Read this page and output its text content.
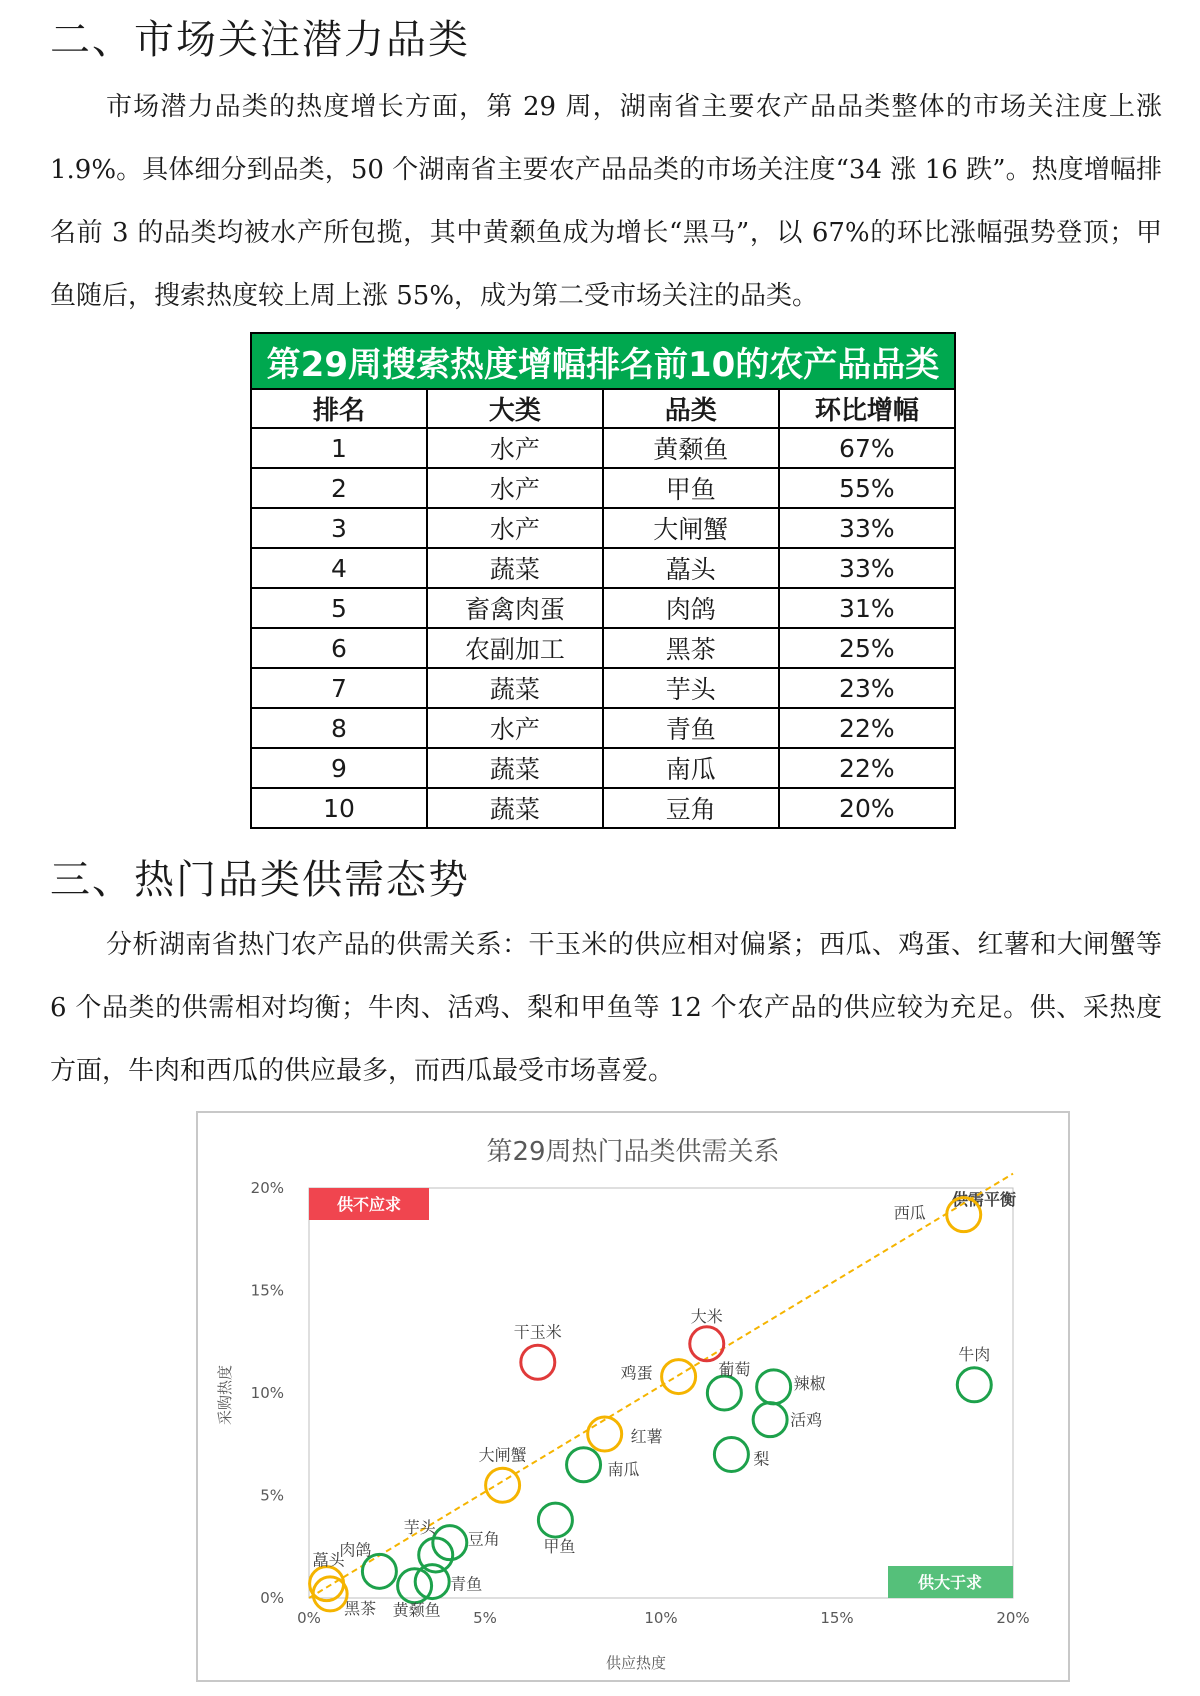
二、市场关注潜力品类

市场潜力品类的热度增长方面，第 29 周，湖南省主要农产品品类整体的市场关注度上涨 1.9%。具体细分到品类，50 个湖南省主要农产品品类的市场关注度“34 涨 16 跌”。热度增幅排名前 3 的品类均被水产所包揽，其中黄颡鱼成为增长“黑马”，以 67%的环比涨幅强势登顶；甲鱼随后，搜索热度较上周上涨 55%，成为第二受市场关注的品类。

第29周搜索热度增幅排名前10的农产品品类			
排名	大类	品类	环比增幅
1	水产	黄颡鱼	67%
2	水产	甲鱼	55%
3	水产	大闸蟹	33%
4	蔬菜	藠头	33%
5	畜禽肉蛋	肉鸽	31%
6	农副加工	黑茶	25%
7	蔬菜	芋头	23%
8	水产	青鱼	22%
9	蔬菜	南瓜	22%
10	蔬菜	豆角	20%
三、热门品类供需态势

分析湖南省热门农产品的供需关系：干玉米的供应相对偏紧；西瓜、鸡蛋、红薯和大闸蟹等 6 个品类的供需相对均衡；牛肉、活鸡、梨和甲鱼等 12 个农产品的供应较为充足。供、采热度方面，牛肉和西瓜的供应最多，而西瓜最受市场喜爱。

第29周热门品类供需关系
供不应求
供大于求
供需平衡
供应热度
采购热度
0%	5%	10%	15%	20%
0%
5%
10%
15%
20%
西瓜
大米
干玉米
鸡蛋	葡萄
辣椒
牛肉
活鸡
红薯
梨
南瓜
大闸蟹
甲鱼
豆角
芋头
肉鸽
青鱼
黄颡鱼
藠头
黑茶
